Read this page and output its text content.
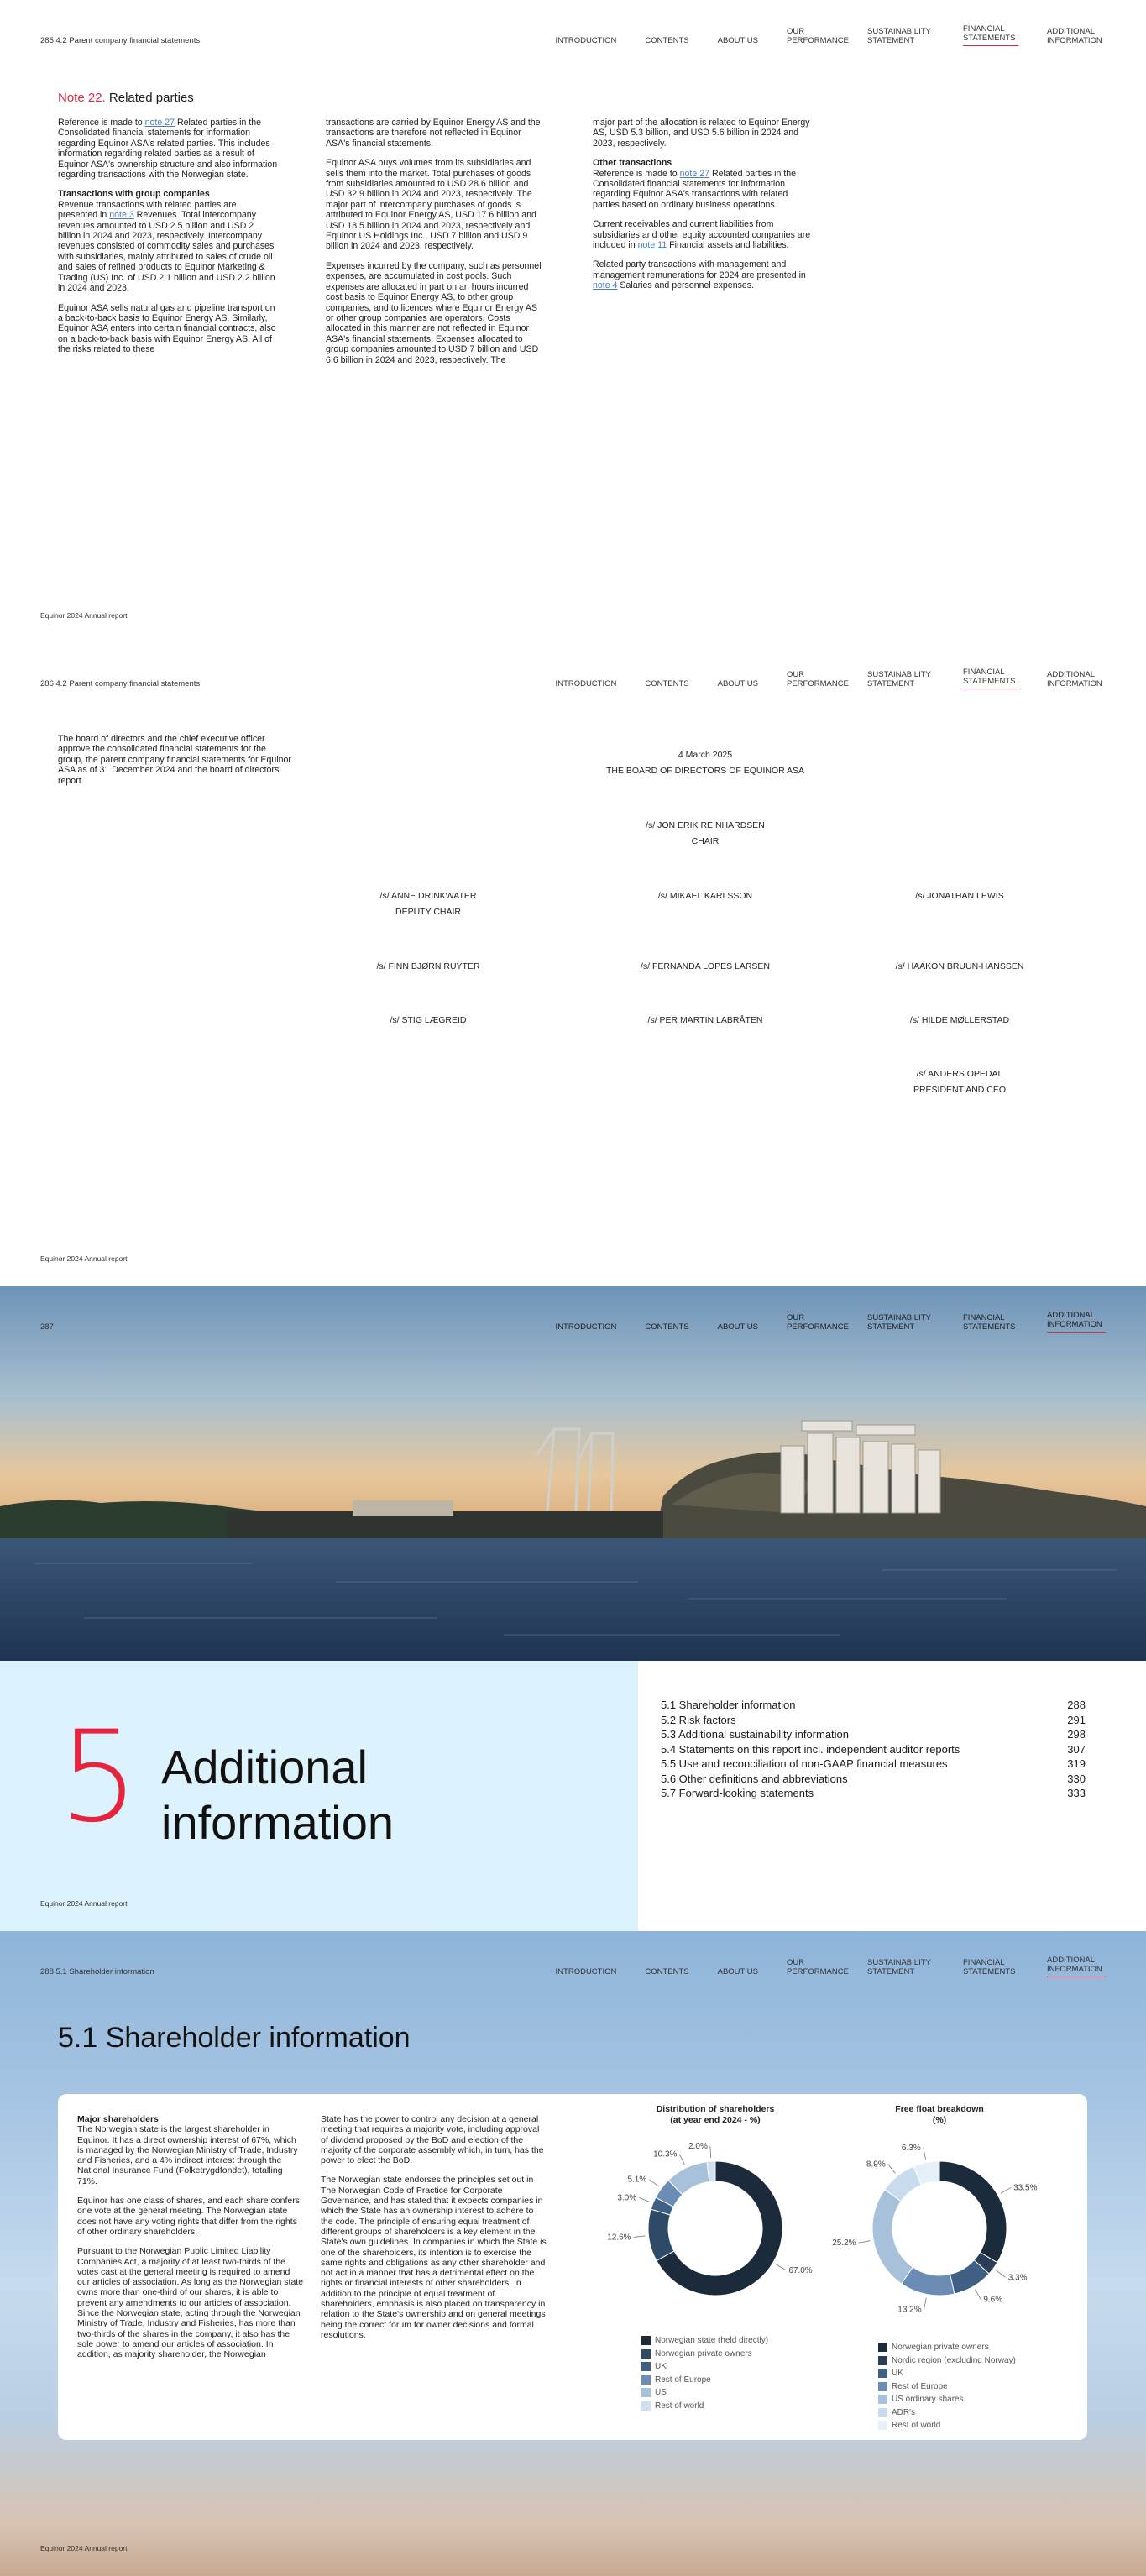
285 4.2 Parent company financial statements	INTRODUCTION	CONTENTS	ABOUT US
OUR PERFORMANCE
SUSTAINABILITY STATEMENT
FINANCIAL STATEMENTS
ADDITIONAL INFORMATION
Note 22. Related parties

Reference is made to note 27 Related parties in the Consolidated financial statements for information regarding Equinor ASA's related parties. This includes information regarding related parties as a result of Equinor ASA's ownership structure and also information regarding transactions with the Norwegian state.

Transactions with group companies

Revenue transactions with related parties are presented in note 3 Revenues. Total intercompany revenues amounted to USD 2.5 billion and USD 2 billion in 2024 and 2023, respectively. Intercompany revenues consisted of commodity sales and purchases with subsidiaries, mainly attributed to sales of crude oil and sales of refined products to Equinor Marketing & Trading (US) Inc. of USD 2.1 billion and USD 2.2 billion in 2024 and 2023.

Equinor ASA sells natural gas and pipeline transport on a back-to-back basis to Equinor Energy AS. Similarly, Equinor ASA enters into certain financial contracts, also on a back-to-back basis with Equinor Energy AS. All of the risks related to these

transactions are carried by Equinor Energy AS and the transactions are therefore not reflected in Equinor ASA's financial statements.

Equinor ASA buys volumes from its subsidiaries and sells them into the market. Total purchases of goods from subsidiaries amounted to USD 28.6 billion and USD 32.9 billion in 2024 and 2023, respectively. The major part of intercompany purchases of goods is attributed to Equinor Energy AS, USD 17.6 billion and USD 18.5 billion in 2024 and 2023, respectively and Equinor US Holdings Inc., USD 7 billion and USD 9 billion in 2024 and 2023, respectively.

Expenses incurred by the company, such as personnel expenses, are accumulated in cost pools. Such expenses are allocated in part on an hours incurred cost basis to Equinor Energy AS, to other group companies, and to licences where Equinor Energy AS or other group companies are operators. Costs allocated in this manner are not reflected in Equinor ASA's financial statements. Expenses allocated to group companies amounted to USD 7 billion and USD 6.6 billion in 2024 and 2023, respectively. The

major part of the allocation is related to Equinor Energy AS, USD 5.3 billion, and USD 5.6 billion in 2024 and 2023, respectively.

Other transactions

Reference is made to note 27 Related parties in the Consolidated financial statements for information regarding Equinor ASA's transactions with related parties based on ordinary business operations.

Current receivables and current liabilities from subsidiaries and other equity accounted companies are included in note 11 Financial assets and liabilities.

Related party transactions with management and management remunerations for 2024 are presented in note 4 Salaries and personnel expenses.

Equinor 2024 Annual report
286 4.2 Parent company financial statements	INTRODUCTION	CONTENTS	ABOUT US
OUR PERFORMANCE
SUSTAINABILITY STATEMENT
FINANCIAL STATEMENTS
ADDITIONAL INFORMATION
The board of directors and the chief executive officer approve the consolidated financial statements for the group, the parent company financial statements for Equinor ASA as of 31 December 2024 and the board of directors' report.
4 March 2025
THE BOARD OF DIRECTORS OF EQUINOR ASA
/s/ JON ERIK REINHARDSEN
CHAIR
/s/ ANNE DRINKWATER
DEPUTY CHAIR
/s/ MIKAEL KARLSSON	/s/ JONATHAN LEWIS
/s/ FINN BJØRN RUYTER	/s/ FERNANDA LOPES LARSEN	/s/ HAAKON BRUUN-HANSSEN
/s/ STIG LÆGREID	/s/ PER MARTIN LABRÅTEN	/s/ HILDE MØLLERSTAD
/s/ ANDERS OPEDAL
PRESIDENT AND CEO
Equinor 2024 Annual report
287	INTRODUCTION	CONTENTS	ABOUT US
OUR PERFORMANCE
SUSTAINABILITY STATEMENT
FINANCIAL STATEMENTS
ADDITIONAL INFORMATION
5 Additional
information
5.1 Shareholder information	288
5.2 Risk factors	291
5.3 Additional sustainability information	298
5.4 Statements on this report incl. independent auditor reports	307
5.5 Use and reconciliation of non-GAAP financial measures	319
5.6 Other definitions and abbreviations	330
5.7 Forward-looking statements	333
Equinor 2024 Annual report
288 5.1 Shareholder information	INTRODUCTION	CONTENTS	ABOUT US
OUR PERFORMANCE
SUSTAINABILITY STATEMENT
FINANCIAL STATEMENTS
ADDITIONAL INFORMATION
5.1 Shareholder information
Major shareholders

The Norwegian state is the largest shareholder in Equinor. It has a direct ownership interest of 67%, which is managed by the Norwegian Ministry of Trade, Industry and Fisheries, and a 4% indirect interest through the National Insurance Fund (Folketrygdfondet), totalling 71%.

Equinor has one class of shares, and each share confers one vote at the general meeting. The Norwegian state does not have any voting rights that differ from the rights of other ordinary shareholders.

Pursuant to the Norwegian Public Limited Liability Companies Act, a majority of at least two-thirds of the votes cast at the general meeting is required to amend our articles of association. As long as the Norwegian state owns more than one-third of our shares, it is able to prevent any amendments to our articles of association. Since the Norwegian state, acting through the Norwegian Ministry of Trade, Industry and Fisheries, has more than two-thirds of the shares in the company, it also has the sole power to amend our articles of association. In addition, as majority shareholder, the Norwegian

State has the power to control any decision at a general meeting that requires a majority vote, including approval of dividend proposed by the BoD and election of the majority of the corporate assembly which, in turn, has the power to elect the BoD.

The Norwegian state endorses the principles set out in The Norwegian Code of Practice for Corporate Governance, and has stated that it expects companies in which the State has an ownership interest to adhere to the code. The principle of ensuring equal treatment of different groups of shareholders is a key element in the State's own guidelines. In companies in which the State is one of the shareholders, its intention is to exercise the same rights and obligations as any other shareholder and not act in a manner that has a detrimental effect on the rights or financial interests of other shareholders. In addition to the principle of equal treatment of shareholders, emphasis is also placed on transparency in relation to the State's ownership and on general meetings being the correct forum for owner decisions and formal resolutions.

Distribution of shareholders
(at year end 2024 - %)
67.0%
12.6%
3.0%
5.1%
10.3%
2.0%
Norwegian state (held directly)
Norwegian private owners
UK
Rest of Europe
US
Rest of world
Free float breakdown
(%)
33.5%
3.3%
9.6%
13.2%
25.2%
8.9%
6.3%
Norwegian private owners
Nordic region (excluding Norway)
UK
Rest of Europe
US ordinary shares
ADR's
Rest of world
Equinor 2024 Annual report
